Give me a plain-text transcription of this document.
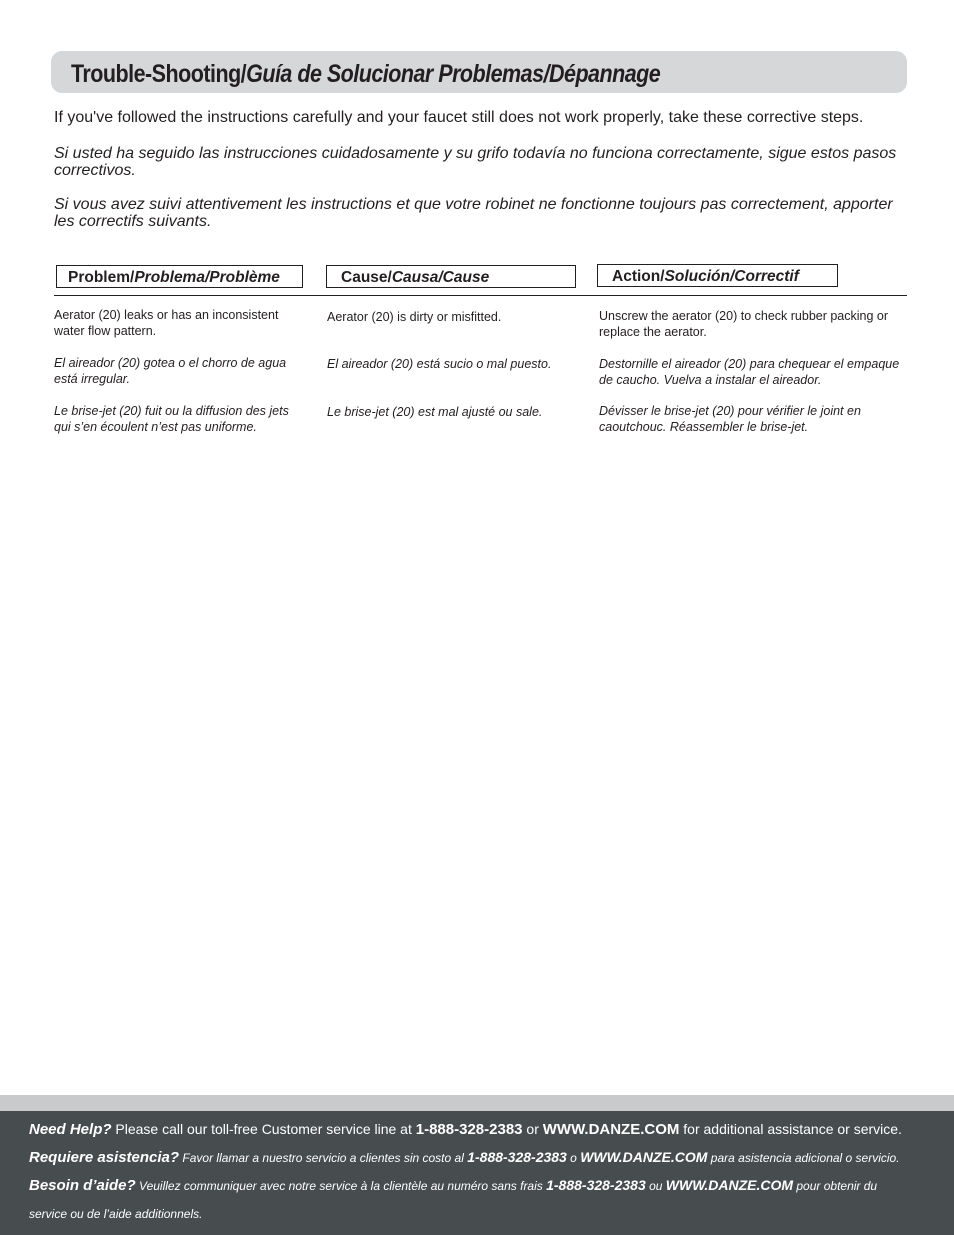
Trouble-Shooting/Guía de Solucionar Problemas/Dépannage

If you've followed the instructions carefully and your faucet still does not work properly, take these corrective steps.

Si usted ha seguido las instrucciones cuidadosamente y su grifo todavía no funciona correctamente, sigue estos pasos correctivos.

Si vous avez suivi attentivement les instructions et que votre robinet ne fonctionne toujours pas correctement, apporter les correctifs suivants.

Problem/Problema/Problème	Cause/Causa/Cause	Action/Solución/Correctif

Aerator (20) leaks or has an inconsistent water flow pattern.

El aireador (20) gotea o el chorro de agua está irregular.

Le brise-jet (20) fuit ou la diffusion des jets qui s’en écoulent n’est pas uniforme.

Aerator (20) is dirty or misfitted.

El aireador (20) está sucio o mal puesto.

Le brise-jet (20) est mal ajusté ou sale.

Unscrew the aerator (20) to check rubber packing or replace the aerator.

Destornille el aireador (20) para chequear el empaque de caucho. Vuelva a instalar el aireador.

Dévisser le brise-jet (20) pour vérifier le joint en caoutchouc. Réassembler le brise-jet.

Need Help? Please call our toll-free Customer service line at 1-888-328-2383 or WWW.DANZE.COM for additional assistance or service.
Requiere asistencia? Favor llamar a nuestro servicio a clientes sin costo al 1-888-328-2383 o WWW.DANZE.COM para asistencia adicional o servicio.
Besoin d’aide? Veuillez communiquer avec notre service à la clientèle au numéro sans frais 1-888-328-2383 ou WWW.DANZE.COM pour obtenir du
service ou de l’aide additionnels.
